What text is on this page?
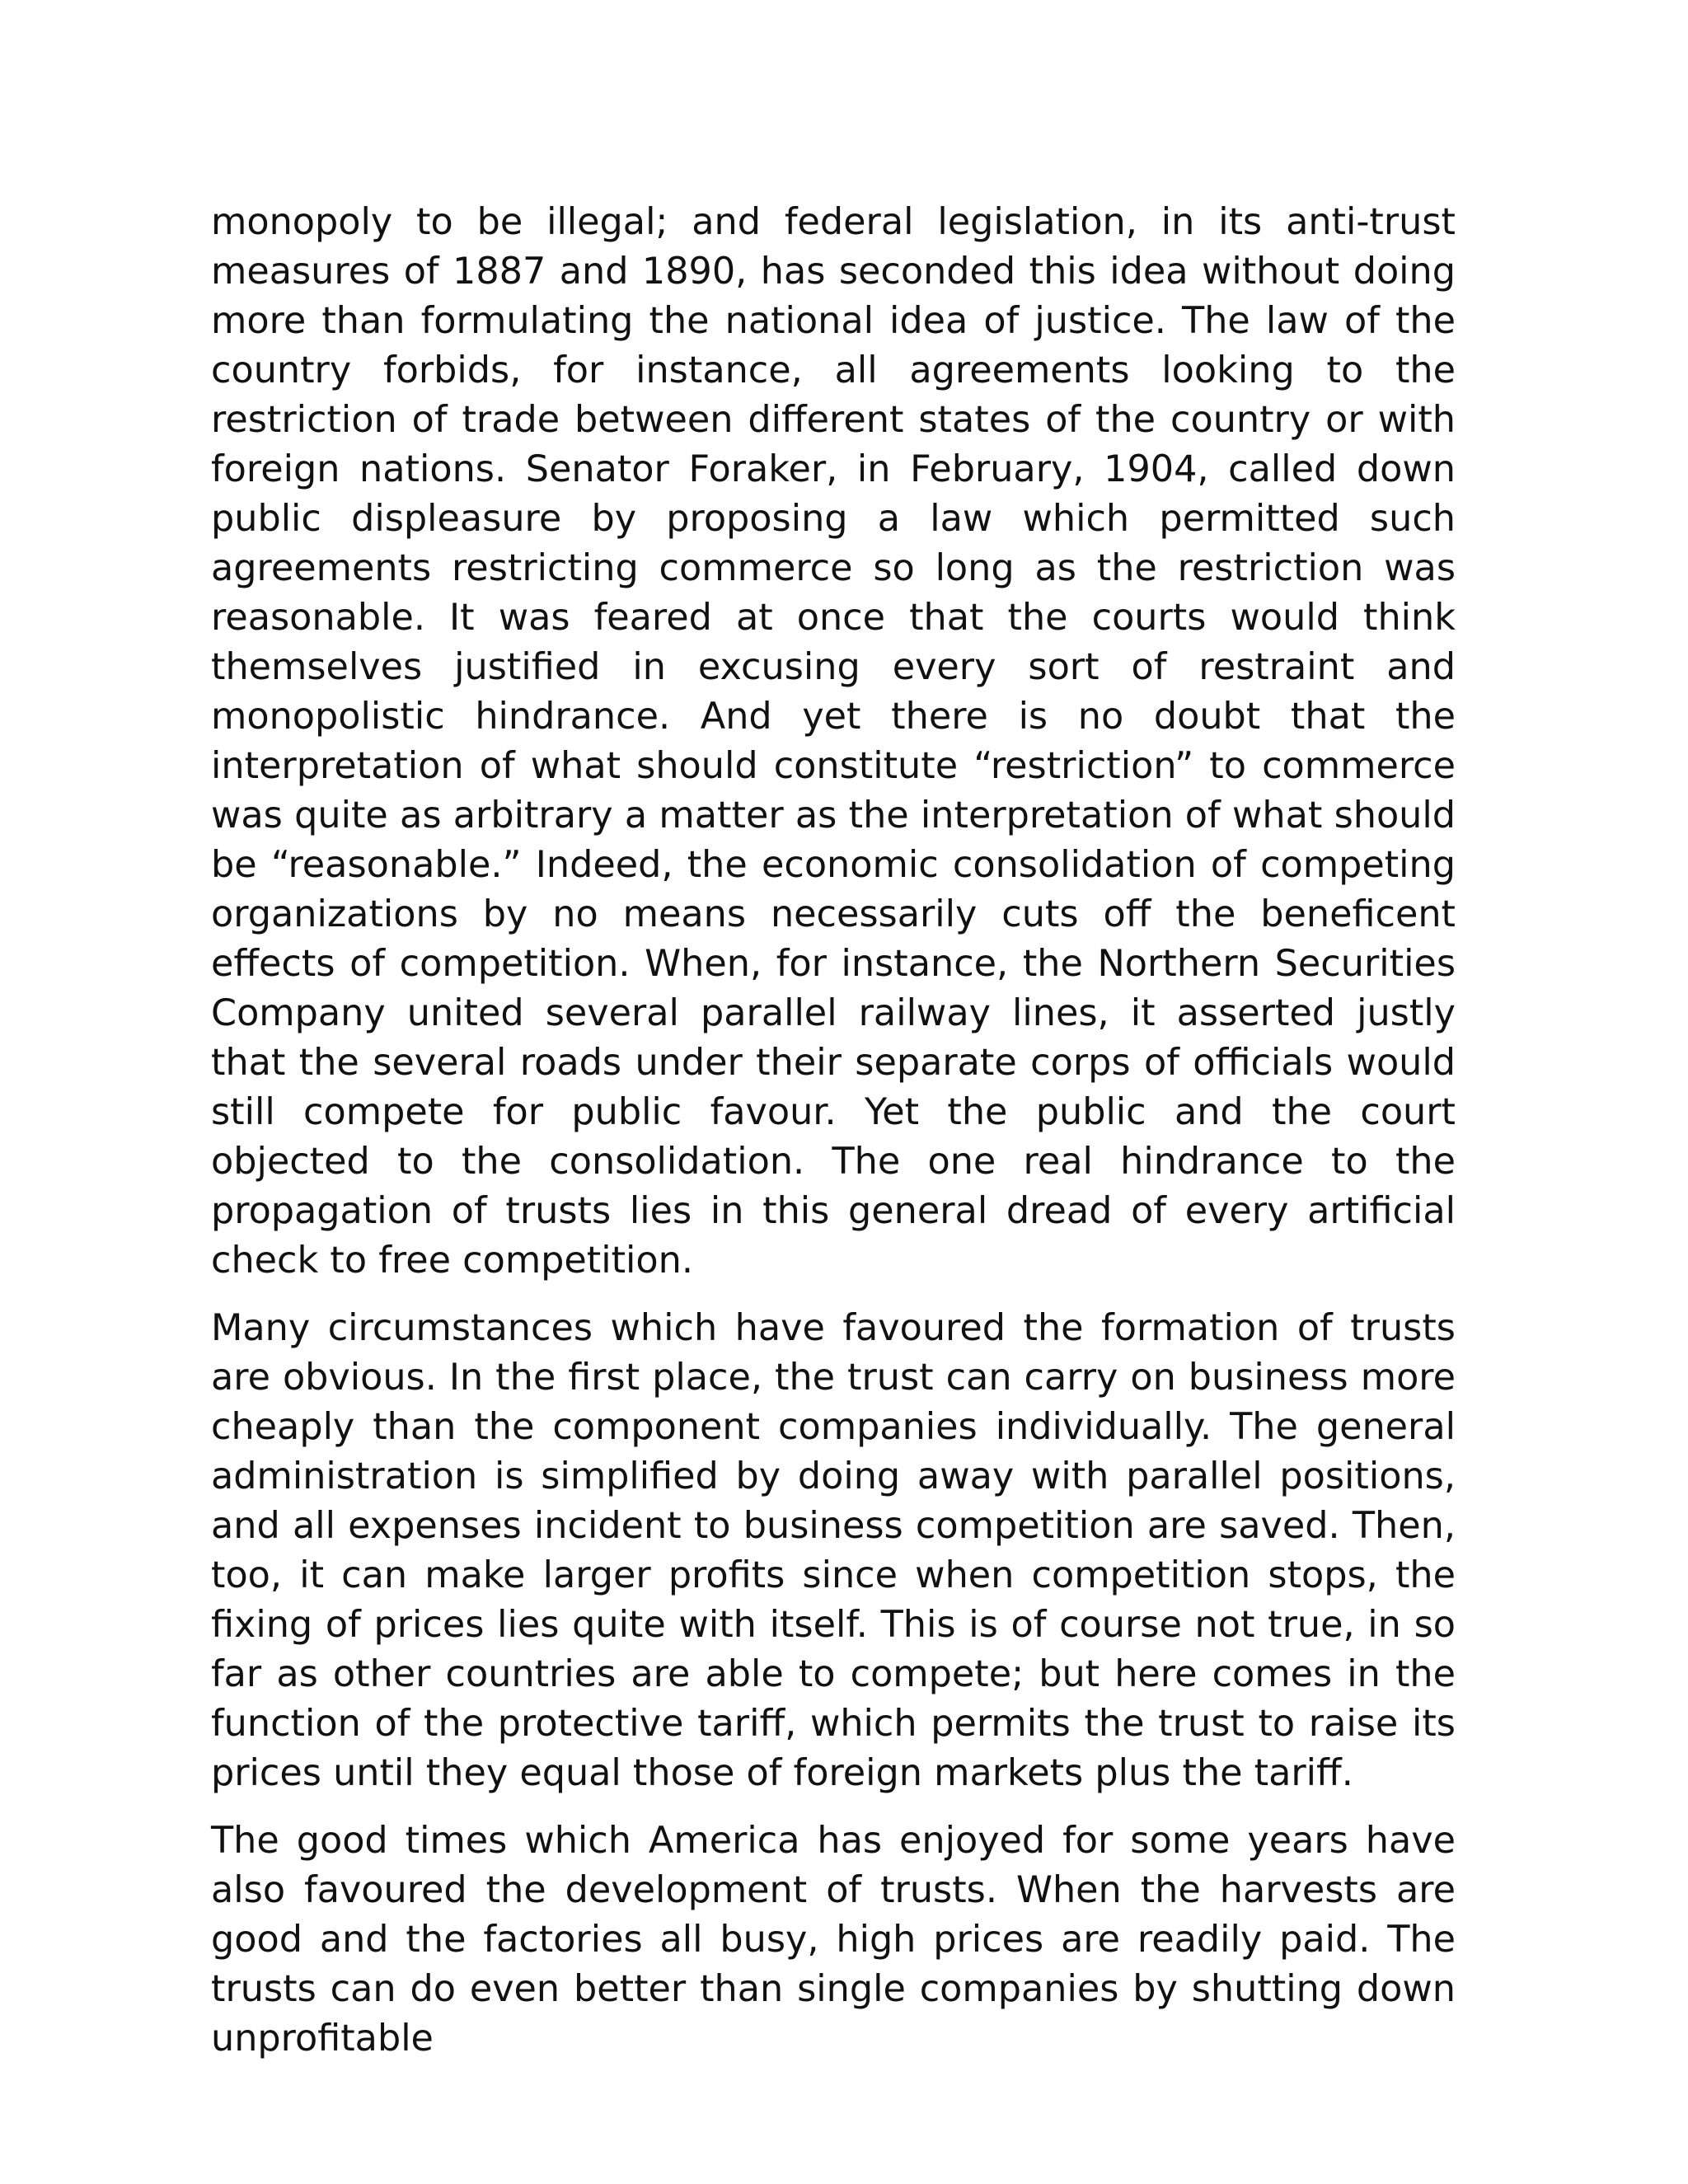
monopoly to be illegal; and federal legislation, in its anti-trust measures of 1887 and 1890, has seconded this idea without doing more than formulating the national idea of justice. The law of the country forbids, for instance, all agreements looking to the restriction of trade between different states of the country or with foreign nations. Senator Foraker, in February, 1904, called down public displeasure by proposing a law which permitted such agreements restricting commerce so long as the restriction was reasonable. It was feared at once that the courts would think themselves justified in excusing every sort of restraint and monopolistic hindrance. And yet there is no doubt that the interpretation of what should constitute “restriction” to commerce was quite as arbitrary a matter as the interpretation of what should be “reasonable.” Indeed, the economic consolidation of competing organizations by no means necessarily cuts off the beneficent effects of competition. When, for instance, the Northern Securities Company united several parallel railway lines, it asserted justly that the several roads under their separate corps of officials would still compete for public favour. Yet the public and the court objected to the consolidation. The one real hindrance to the propagation of trusts lies in this general dread of every artificial check to free competition.

Many circumstances which have favoured the formation of trusts are obvious. In the first place, the trust can carry on business more cheaply than the component companies individually. The general administration is simplified by doing away with parallel positions, and all expenses incident to business competition are saved. Then, too, it can make larger profits since when competition stops, the fixing of prices lies quite with itself. This is of course not true, in so far as other countries are able to compete; but here comes in the function of the protective tariff, which permits the trust to raise its prices until they equal those of foreign markets plus the tariff.

The good times which America has enjoyed for some years have also favoured the development of trusts. When the harvests are good and the factories all busy, high prices are readily paid. The trusts can do even better than single companies by shutting down unprofitable
